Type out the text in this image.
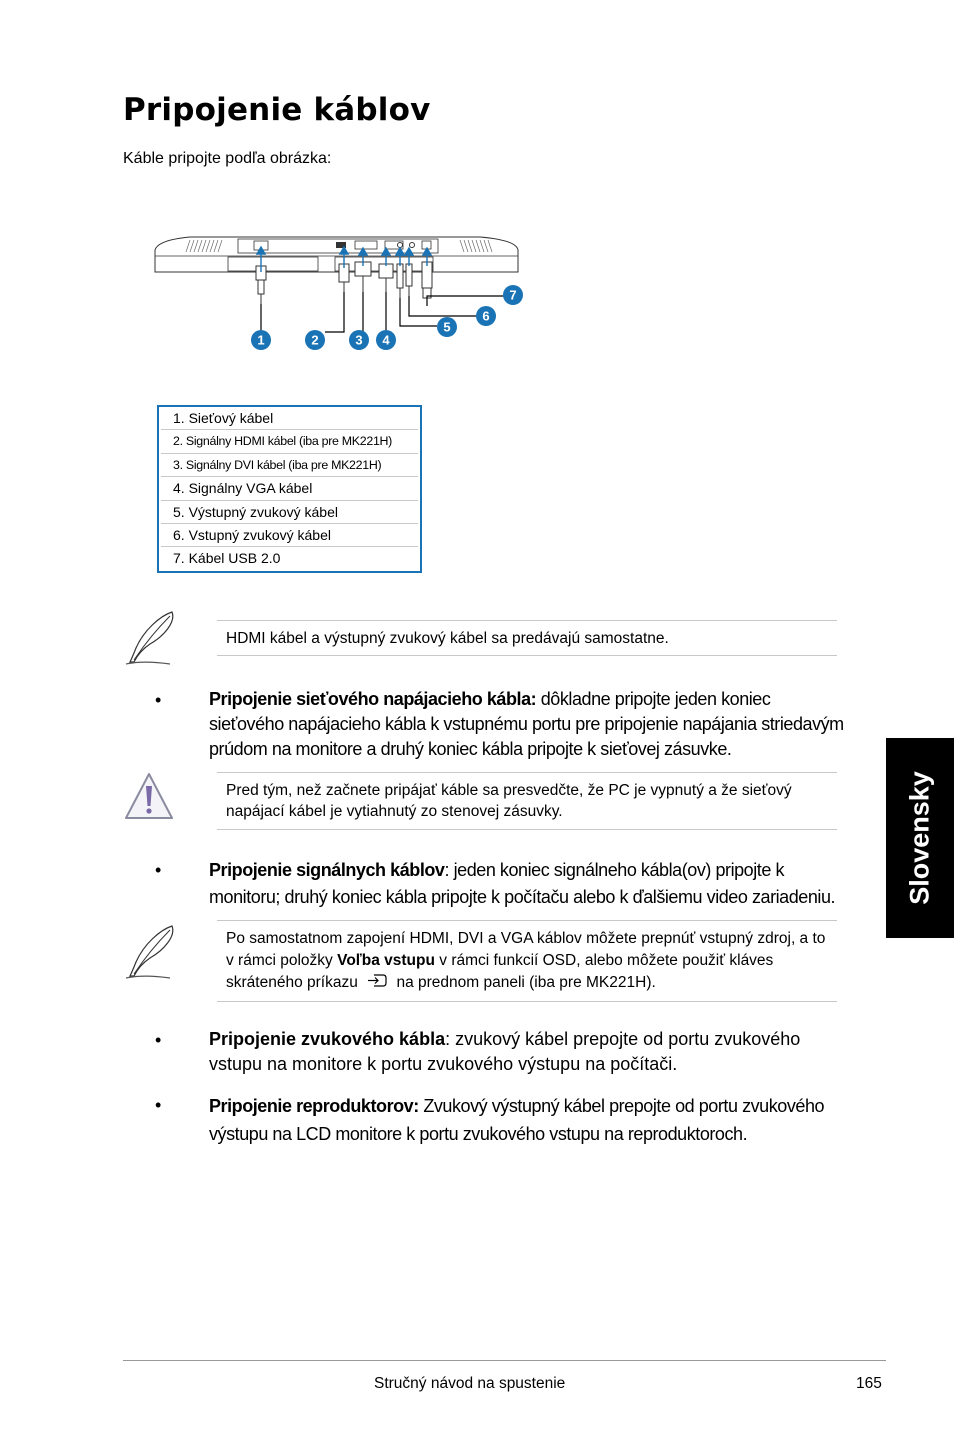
Pripojenie káblov
Káble pripojte podľa obrázka:
1	2	3 4
5
6
7
1. Sieťový kábel
2. Signálny HDMI kábel (iba pre MK221H)
3. Signálny DVI kábel (iba pre MK221H)
4. Signálny VGA kábel
5. Výstupný zvukový kábel
6. Vstupný zvukový kábel
7. Kábel USB 2.0
HDMI kábel a výstupný zvukový kábel sa predávajú samostatne.
•	Pripojenie sieťového napájacieho kábla: dôkladne pripojte jeden koniec sieťového napájacieho kábla k vstupnému portu pre pripojenie napájania striedavým prúdom na monitore a druhý koniec kábla pripojte k sieťovej zásuvke.
Pred tým, než začnete pripájať káble sa presvedčte, že PC je vypnutý a že sieťový napájací kábel je vytiahnutý zo stenovej zásuvky.
•	Pripojenie signálnych káblov: jeden koniec signálneho kábla(ov) pripojte k monitoru; druhý koniec kábla pripojte k počítaču alebo k ďalšiemu video zariadeniu.
Po samostatnom zapojení HDMI, DVI a VGA káblov môžete prepnúť vstupný zdroj, a to v rámci položky Voľba vstupu v rámci funkcií OSD, alebo môžete použiť kláves skráteného príkazu  na prednom paneli (iba pre MK221H).
•	Pripojenie zvukového kábla: zvukový kábel prepojte od portu zvukového vstupu na monitore k portu zvukového výstupu na počítači.
•	Pripojenie reproduktorov: Zvukový výstupný kábel prepojte od portu zvukového výstupu na LCD monitore k portu zvukového vstupu na reproduktoroch.
Slovensky
Stručný návod na spustenie	165
